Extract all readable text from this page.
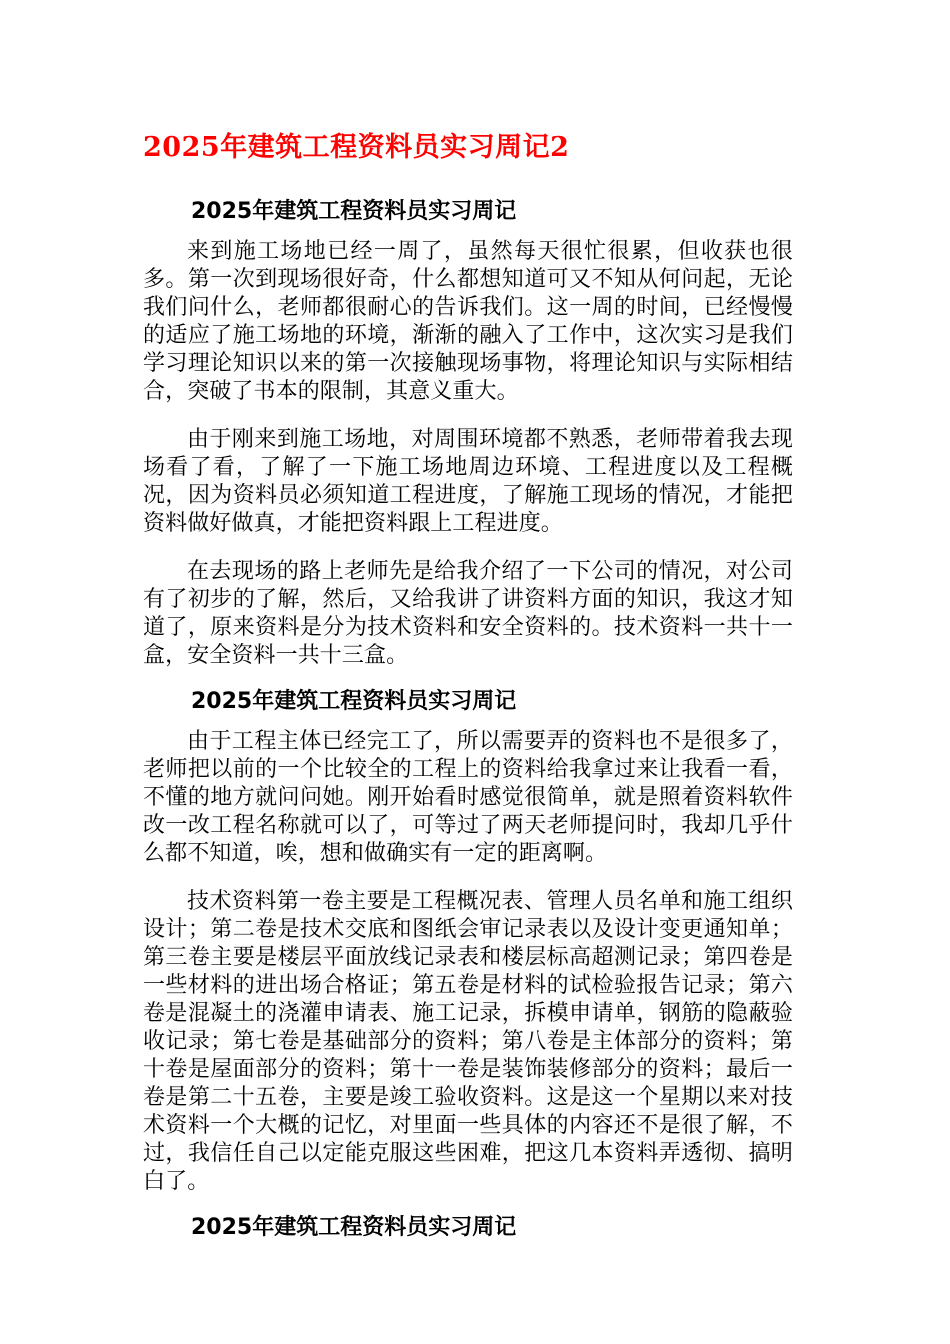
2025年建筑工程资料员实习周记2
2025年建筑工程资料员实习周记

来到施工场地已经一周了，虽然每天很忙很累，但收获也很多。第一次到现场很好奇，什么都想知道可又不知从何问起，无论我们问什么，老师都很耐心的告诉我们。这一周的时间，已经慢慢的适应了施工场地的环境，渐渐的融入了工作中，这次实习是我们学习理论知识以来的第一次接触现场事物，将理论知识与实际相结合，突破了书本的限制，其意义重大。

由于刚来到施工场地，对周围环境都不熟悉，老师带着我去现场看了看，了解了一下施工场地周边环境、工程进度以及工程概况，因为资料员必须知道工程进度，了解施工现场的情况，才能把资料做好做真，才能把资料跟上工程进度。

在去现场的路上老师先是给我介绍了一下公司的情况，对公司有了初步的了解，然后，又给我讲了讲资料方面的知识，我这才知道了，原来资料是分为技术资料和安全资料的。技术资料一共十一盒，安全资料一共十三盒。

2025年建筑工程资料员实习周记

由于工程主体已经完工了，所以需要弄的资料也不是很多了，老师把以前的一个比较全的工程上的资料给我拿过来让我看一看，不懂的地方就问问她。刚开始看时感觉很简单，就是照着资料软件改一改工程名称就可以了，可等过了两天老师提问时，我却几乎什么都不知道，唉，想和做确实有一定的距离啊。

技术资料第一卷主要是工程概况表、管理人员名单和施工组织设计；第二卷是技术交底和图纸会审记录表以及设计变更通知单；第三卷主要是楼层平面放线记录表和楼层标高超测记录；第四卷是一些材料的进出场合格证；第五卷是材料的试检验报告记录；第六卷是混凝土的浇灌申请表、施工记录，拆模申请单，钢筋的隐蔽验收记录；第七卷是基础部分的资料；第八卷是主体部分的资料；第十卷是屋面部分的资料；第十一卷是装饰装修部分的资料；最后一卷是第二十五卷，主要是竣工验收资料。这是这一个星期以来对技术资料一个大概的记忆，对里面一些具体的内容还不是很了解，不过，我信任自己以定能克服这些困难，把这几本资料弄透彻、搞明白了。

2025年建筑工程资料员实习周记
